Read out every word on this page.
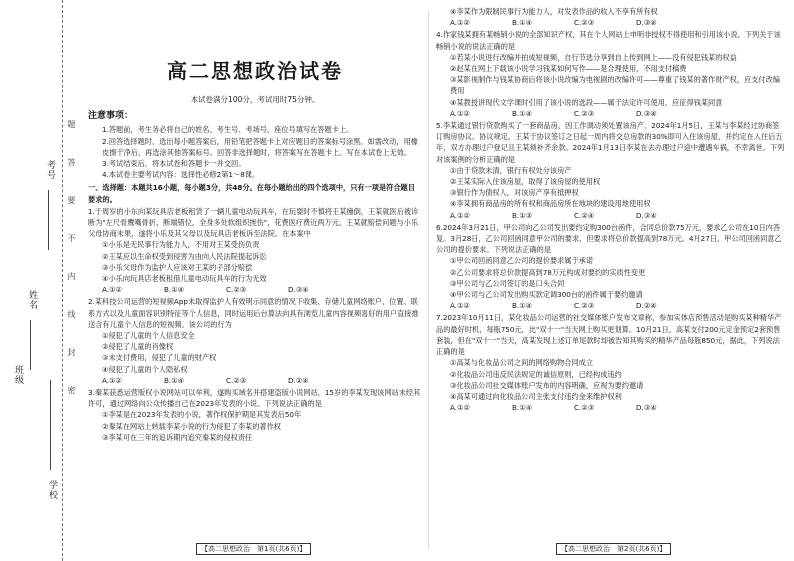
考号
姓名
班级
学校
题答要不内线封密
高二思想政治试卷
本试卷满分100分，考试用时75分钟。
注意事项：

1.答题前，考生务必将自己的姓名、考生号、考场号、座位号填写在答题卡上。

2.回答选择题时，选出每小题答案后，用铅笔把答题卡上对应题目的答案标号涂黑。如需改动，用橡皮擦干净后，再选涂其他答案标号。回答非选择题时，将答案写在答题卡上。写在本试卷上无效。

3.考试结束后，将本试卷和答题卡一并交回。

4.本试卷主要考试内容：选择性必修2第1～8课。

一、选择题：本题共16小题，每小题3分，共48分。在每小题给出的四个选项中，只有一项是符合题目要求的。

1.于周岁的小东向某玩具店老板租赁了一辆儿童电动玩具车，在玩耍时不慎将王某撞倒，王某就医后被诊断为"左尺骨鹰嘴骨折，断端错位，全身多处软组织挫伤"，花费医疗费近两万元。王某就赔偿问题与小乐父母协商未果，遂将小乐及其父母以及玩具店老板诉至法院。在本案中

①小乐是无民事行为能力人，不用对王某受伤负责

②王某应以生命权受到侵害为由向人民法院提起诉讼

③小乐父母作为监护人应该对王某的子部分赔偿

④小乐向玩具店老板租借儿童电动玩具车的行为无效

A.①②	B.①④	C.②③	D.③④

2.某科技公司运营的短视频App未取得监护人有效明示同意的情况下收集、存储儿童网络账户、位置、联系方式以及儿童面容识别特征等个人信息，同时运用后台算法向具有浏览儿童内容视频喜好的用户直接推送含有儿童个人信息的短视频。该公司的行为

①侵犯了儿童的个人信息安全

②侵犯了儿童的肖像权

③未支付费用，侵犯了儿童的财产权

④侵犯了儿童的个人隐私权

A.①②	B.①④	C.②③	D.②④

3.秦某获悉运营版权小说网站可以牟利，遂购买域名并搭建盗版小说网站，15岁的李某发现该网站未经其许可，通过网络向公众传播自己在2023年发表的小说。下列说法正确的是

①李某是在2023年发表的小说，著作权保护期是其发表后50年

②秦某在网站上转载李某小说的行为侵犯了李某的著作权

③李某可在三年的追诉期内追究秦某的侵权责任

④李某作为限制民事行为能力人，对发表作品的收入不享有所有权

A.①②	B.①④	C.②③	D.③④

4.作家钱某拥有某畅销小说的全部知识产权，其在个人网站上申明非授权不得使用和引用该小说。下列关于该畅销小说的说法正确的是

①若某小说进行改编并拍成短视频，自行节选分享到自上传到网上——没有侵犯钱某的权益

②赵某在网上下载该小说学习钱某如何写作——是合理使用，不用支付稿费

③某影视制作与钱某协商后将该小说改编为电视剧的改编许可——尊重了钱某的著作财产权，应支付改编费用

④某教授讲现代文学课时引用了该小说的选段——属于法定许可使用，应征得钱某同意

A.①②	B.①④	C.②③	D.③④

5.李某通过银行贷款购买了一套商品房，因工作调动须处置该房产。2024年1月5日，王某与李某经过协商签订购房协议。协议规定，王某于协议签订之日起一周内将交总房款的30%即可入住该房屋，并约定在入住后五年，双方办理过户登记且王某须补齐余款。2024年1月13日李某在去办理过户途中遭遇车祸，不幸离世。下列对该案例的分析正确的是

①由于贷款未清，银行有权处分该房产

②王某实际入住该房屋，取得了该房屋的使用权

③银行作为债权人，对该房产享有抵押权

④李某拥有商品房的所有权和商品房所在地块的建设用地使用权

A.①②	B.①③	C.②④	D.③④

6.2024年3月21日，甲公司向乙公司发出要约定购300台函件，合同总价款75万元，要求乙公司在10日内答复。3月28日，乙公司回函同意甲公司的要求，但要求将总价款提高到78万元。4月27日，甲公司回函同意乙公司的提价要求。下列说法正确的是

①甲公司回函同意乙公司的提价要求属于承诺

②乙公司要求将总价款提高到78万元构成对要约的实质性变更

③甲公司与乙公司签订的是口头合同

④甲公司与乙公司发出购买款定调300台的函件属于要约邀请

A.①②	B.①④	C.②③	D.②④

7.2023年10月11日，某化妆品公司运营的社交媒体账户发布文章称，参加实体店预售活动是购买某种精华产品的最好时机，每瓶750元，比"双十一"当天网上购买更划算。10月21日，高某支付200元定金预定2套预售套装，但在"双十一"当天，高某发现上述订单尾款时却被告知其购买的精华产品每瓶850元，据此，下列说法正确的是

①高某与化妆品公司之间的网络购物合同成立

②化妆品公司违反民法规定的诚信原则，已经构成违约

③化妆品公司社交媒体账户发布的内容明确，应视为要约邀请

④高某可通过向化妆品公司主张支付违约金来维护权利

A.①②	B.①④	C.②③	D.③④
【高二思想政治　第1页(共6页)】	【高二思想政治　第2页(共6页)】
